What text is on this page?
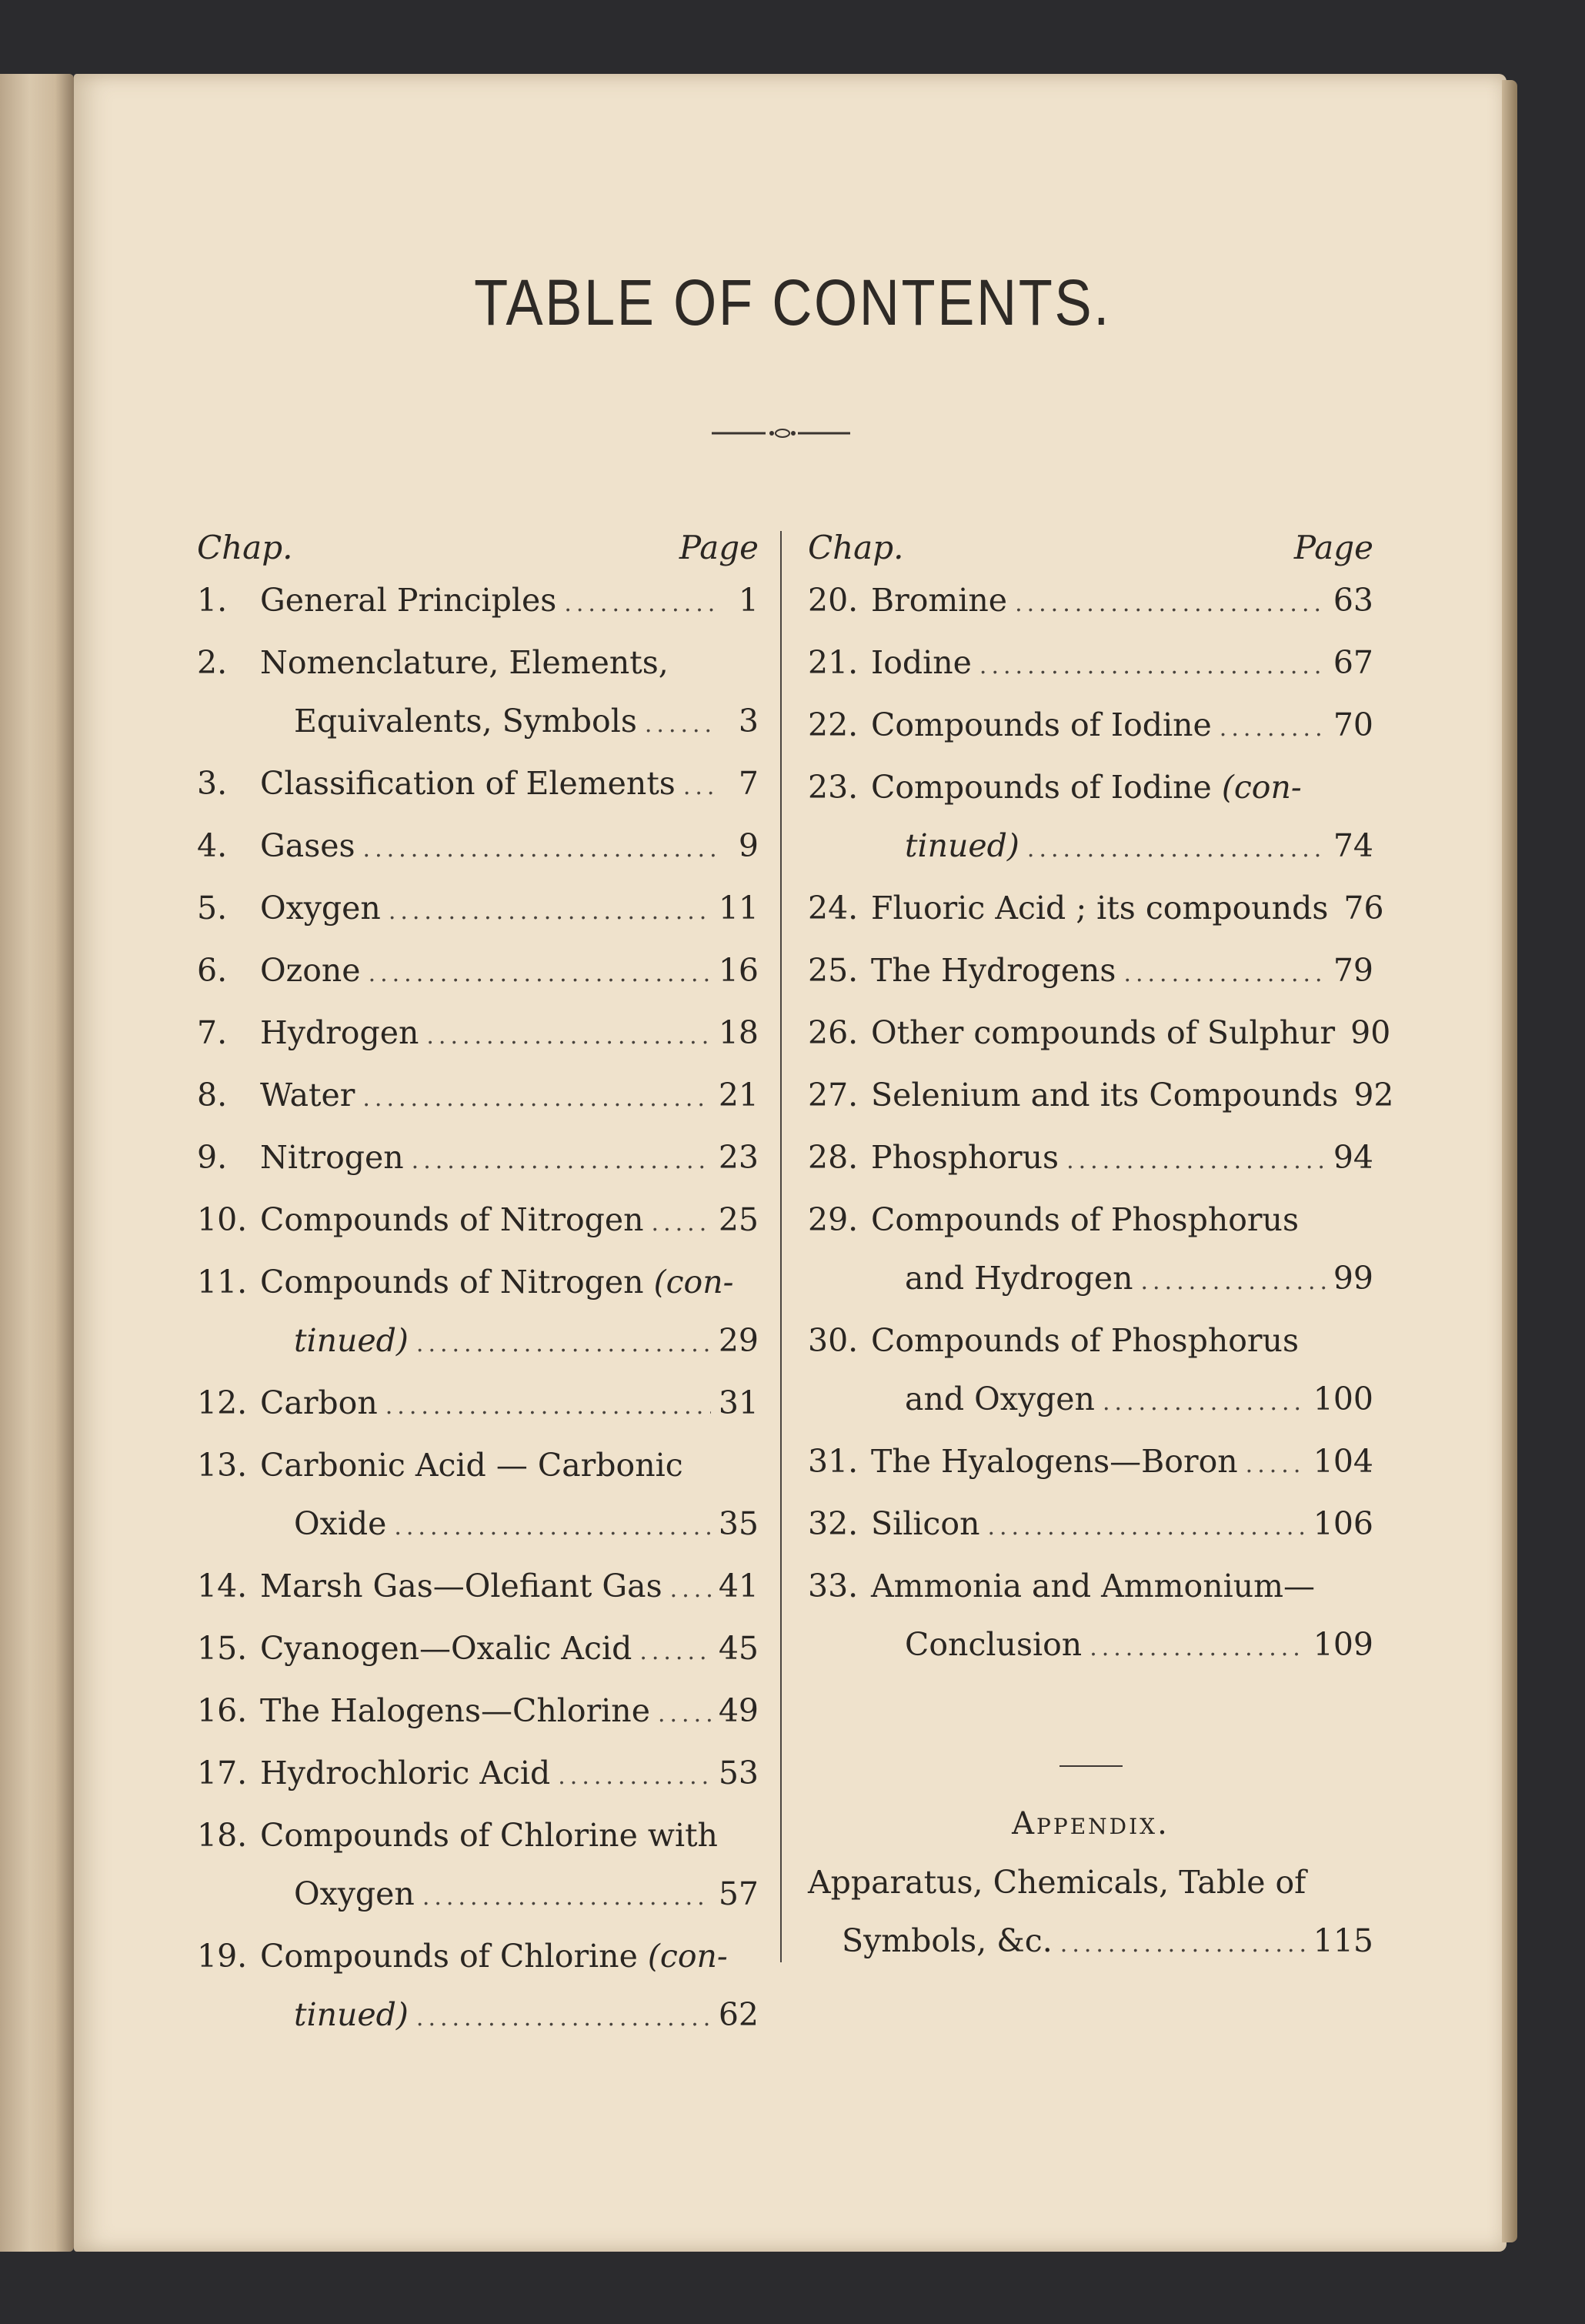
TABLE OF CONTENTS.
Chap.	Page
1.	General Principles .....	1
2.	Nomenclature, Elements,
Equivalents, Symbols .....	3
3.	Classification of Elements .....	7
4.	Gases .....	9
5.	Oxygen .....	11
6.	Ozone .....	16
7.	Hydrogen .....	18
8.	Water .....	21
9.	Nitrogen .....	23
10. Compounds of Nitrogen ..... 25
11. Compounds of Nitrogen (con-
tinued) .....	29
12. Carbon .....	31
13. Carbonic Acid — Carbonic
Oxide .....	35
14. Marsh Gas—Olefiant Gas ..... 41
15. Cyanogen—Oxalic Acid .....	45
16. The Halogens—Chlorine ..... 49
17. Hydrochloric Acid .....	53
18. Compounds of Chlorine with
Oxygen .....	57
19. Compounds of Chlorine (con-
tinued) .....	62
Chap.	Page
20. Bromine .....	63
21. Iodine .....	67
22. Compounds of Iodine .....	70
23. Compounds of Iodine (con-
tinued) .....	74
24. Fluoric Acid ; its compounds 76
25. The Hydrogens .....	79
26. Other compounds of Sulphur 90
27. Selenium and its Compounds 92
28. Phosphorus .....	94
29. Compounds of Phosphorus
and Hydrogen .....	99
30. Compounds of Phosphorus
and Oxygen .....	100
31. The Hyalogens—Boron ..... 104
32. Silicon .....	106
33. Ammonia and Ammonium—
Conclusion .....	109
Appendix.
Apparatus, Chemicals, Table of
Symbols, &c. .....	115
